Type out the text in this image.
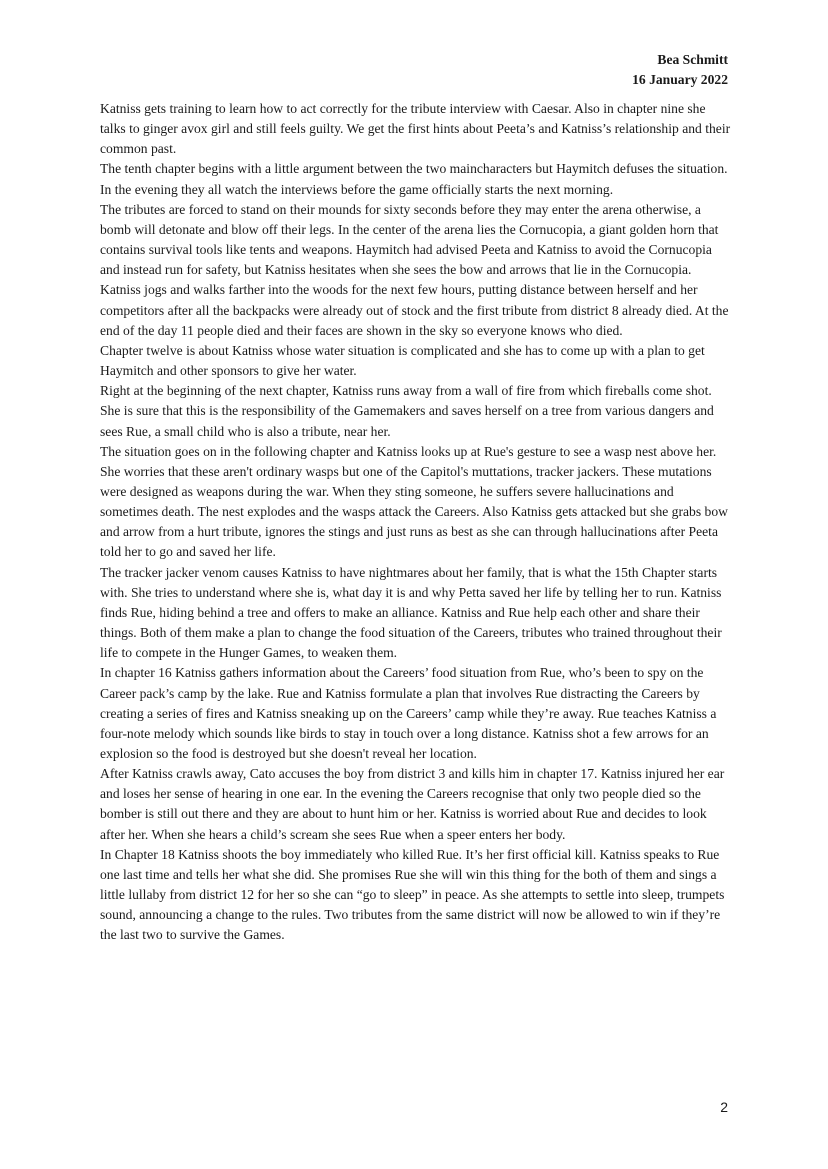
Bea Schmitt
16 January 2022

Katniss gets training to learn how to act correctly for the tribute interview with Caesar. Also in chapter nine she talks to ginger avox girl and still feels guilty. We get the first hints about Peeta’s and Katniss’s relationship and their common past.

The tenth chapter begins with a little argument between the two maincharacters but Haymitch defuses the situation. In the evening they all watch the interviews before the game officially starts the next morning.

The tributes are forced to stand on their mounds for sixty seconds before they may enter the arena otherwise, a bomb will detonate and blow off their legs. In the center of the arena lies the Cornucopia, a giant golden horn that contains survival tools like tents and weapons. Haymitch had advised Peeta and Katniss to avoid the Cornucopia and instead run for safety, but Katniss hesitates when she sees the bow and arrows that lie in the Cornucopia. Katniss jogs and walks farther into the woods for the next few hours, putting distance between herself and her competitors after all the backpacks were already out of stock and the first tribute from district 8 already died. At the end of the day 11 people died and their faces are shown in the sky so everyone knows who died.

Chapter twelve is about Katniss whose water situation is complicated and she has to come up with a plan to get Haymitch and other sponsors to give her water.

Right at the beginning of the next chapter, Katniss runs away from a wall of fire from which fireballs come shot. She is sure that this is the responsibility of the Gamemakers and saves herself on a tree from various dangers and sees Rue, a small child who is also a tribute, near her.

The situation goes on in the following chapter and Katniss looks up at Rue's gesture to see a wasp nest above her. She worries that these aren't ordinary wasps but one of the Capitol's muttations, tracker jackers. These mutations were designed as weapons during the war. When they sting someone, he suffers severe hallucinations and sometimes death. The nest explodes and the wasps attack the Careers. Also Katniss gets attacked but she grabs bow and arrow from a hurt tribute, ignores the stings and just runs as best as she can through hallucinations after Peeta told her to go and saved her life.

The tracker jacker venom causes Katniss to have nightmares about her family, that is what the 15th Chapter starts with. She tries to understand where she is, what day it is and why Petta saved her life by telling her to run. Katniss finds Rue, hiding behind a tree and offers to make an alliance. Katniss and Rue help each other and share their things. Both of them make a plan to change the food situation of the Careers, tributes who trained throughout their life to compete in the Hunger Games, to weaken them.

In chapter 16 Katniss gathers information about the Careers’ food situation from Rue, who’s been to spy on the Career pack’s camp by the lake. Rue and Katniss formulate a plan that involves Rue distracting the Careers by creating a series of fires and Katniss sneaking up on the Careers’ camp while they’re away. Rue teaches Katniss a four-note melody which sounds like birds to stay in touch over a long distance. Katniss shot a few arrows for an explosion so the food is destroyed but she doesn't reveal her location.

After Katniss crawls away, Cato accuses the boy from district 3 and kills him in chapter 17. Katniss injured her ear and loses her sense of hearing in one ear. In the evening the Careers recognise that only two people died so the bomber is still out there and they are about to hunt him or her. Katniss is worried about Rue and decides to look after her. When she hears a child’s scream she sees Rue when a speer enters her body.

In Chapter 18 Katniss shoots the boy immediately who killed Rue. It’s her first official kill. Katniss speaks to Rue one last time and tells her what she did. She promises Rue she will win this thing for the both of them and sings a little lullaby from district 12 for her so she can “go to sleep” in peace. As she attempts to settle into sleep, trumpets sound, announcing a change to the rules. Two tributes from the same district will now be allowed to win if they’re the last two to survive the Games.

2
